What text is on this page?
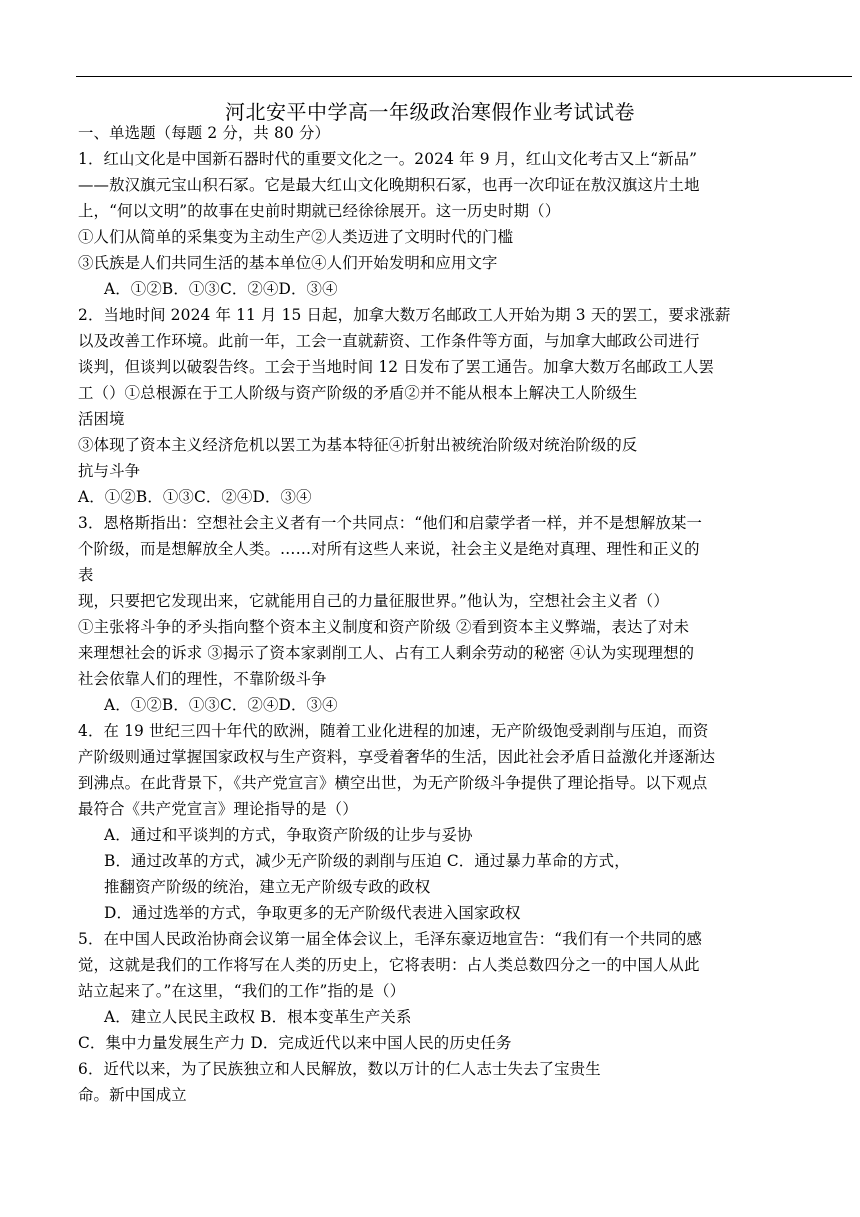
河北安平中学高一年级政治寒假作业考试试卷
一、单选题（每题 2 分，共 80 分）
1．红山文化是中国新石器时代的重要文化之一。2024 年 9 月，红山文化考古又上“新品”
——敖汉旗元宝山积石冢。它是最大红山文化晚期积石冢，也再一次印证在敖汉旗这片土地
上，“何以文明”的故事在史前时期就已经徐徐展开。这一历史时期（）
①人们从简单的采集变为主动生产②人类迈进了文明时代的门槛
③氏族是人们共同生活的基本单位④人们开始发明和应用文字
A．①②B．①③C．②④D．③④
2．当地时间 2024 年 11 月 15 日起，加拿大数万名邮政工人开始为期 3 天的罢工，要求涨薪
以及改善工作环境。此前一年，工会一直就薪资、工作条件等方面，与加拿大邮政公司进行
谈判，但谈判以破裂告终。工会于当地时间 12 日发布了罢工通告。加拿大数万名邮政工人罢
工（）①总根源在于工人阶级与资产阶级的矛盾②并不能从根本上解决工人阶级生
活困境
③体现了资本主义经济危机以罢工为基本特征④折射出被统治阶级对统治阶级的反
抗与斗争
A．①②B．①③C．②④D．③④
3．恩格斯指出：空想社会主义者有一个共同点：“他们和启蒙学者一样，并不是想解放某一
个阶级，而是想解放全人类。……对所有这些人来说，社会主义是绝对真理、理性和正义的
表
现，只要把它发现出来，它就能用自己的力量征服世界。”他认为，空想社会主义者（）
①主张将斗争的矛头指向整个资本主义制度和资产阶级 ②看到资本主义弊端，表达了对未
来理想社会的诉求 ③揭示了资本家剥削工人、占有工人剩余劳动的秘密 ④认为实现理想的
社会依靠人们的理性，不靠阶级斗争
A．①②B．①③C．②④D．③④
4．在 19 世纪三四十年代的欧洲，随着工业化进程的加速，无产阶级饱受剥削与压迫，而资
产阶级则通过掌握国家政权与生产资料，享受着奢华的生活，因此社会矛盾日益激化并逐渐达
到沸点。在此背景下，《共产党宣言》横空出世，为无产阶级斗争提供了理论指导。以下观点
最符合《共产党宣言》理论指导的是（）
A．通过和平谈判的方式，争取资产阶级的让步与妥协
B．通过改革的方式，减少无产阶级的剥削与压迫 C．通过暴力革命的方式，
推翻资产阶级的统治，建立无产阶级专政的政权
D．通过选举的方式，争取更多的无产阶级代表进入国家政权
5．在中国人民政治协商会议第一届全体会议上，毛泽东豪迈地宣告：“我们有一个共同的感
觉，这就是我们的工作将写在人类的历史上，它将表明：占人类总数四分之一的中国人从此
站立起来了。”在这里，“我们的工作”指的是（）
A．建立人民民主政权 B．根本变革生产关系
C．集中力量发展生产力 D．完成近代以来中国人民的历史任务
6．近代以来，为了民族独立和人民解放，数以万计的仁人志士失去了宝贵生
命。新中国成立
